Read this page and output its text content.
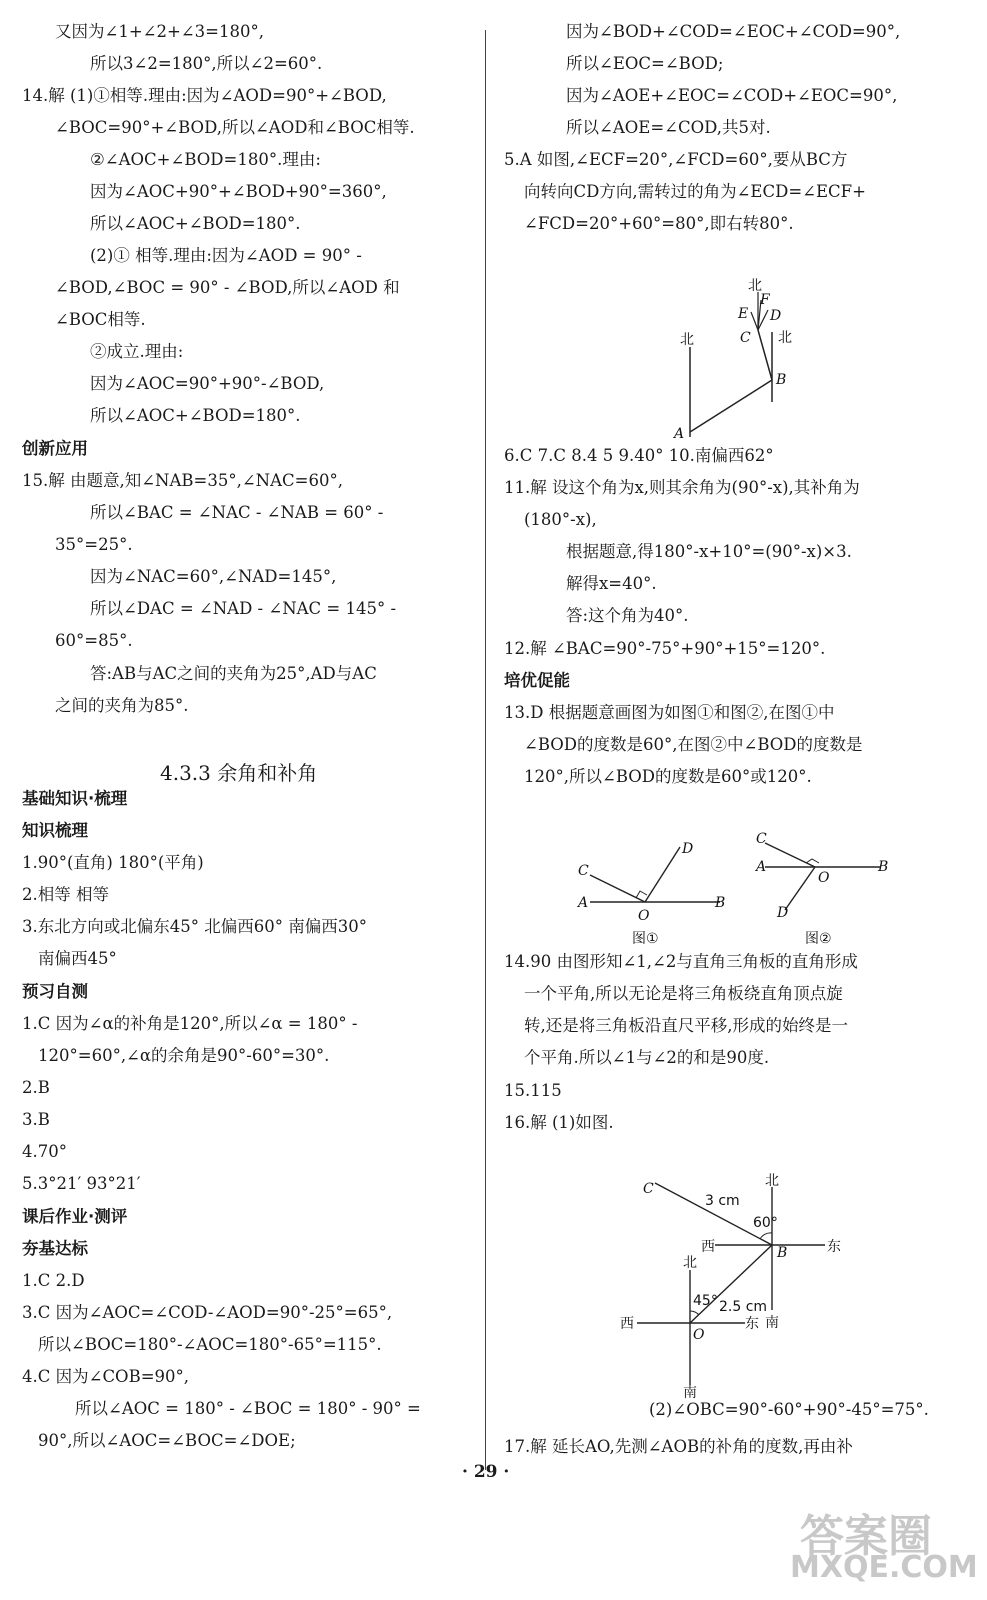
又因为∠1+∠2+∠3=180°,
所以3∠2=180°,所以∠2=60°.
14.解 (1)①相等.理由:因为∠AOD=90°+∠BOD,
∠BOC=90°+∠BOD,所以∠AOD和∠BOC相等.
②∠AOC+∠BOD=180°.理由:
因为∠AOC+90°+∠BOD+90°=360°,
所以∠AOC+∠BOD=180°.
(2)① 相等.理由:因为∠AOD = 90° -
∠BOD,∠BOC = 90° - ∠BOD,所以∠AOD 和
∠BOC相等.
②成立.理由:
因为∠AOC=90°+90°-∠BOD,
所以∠AOC+∠BOD=180°.
创新应用
15.解 由题意,知∠NAB=35°,∠NAC=60°,
所以∠BAC = ∠NAC - ∠NAB = 60° -
35°=25°.
因为∠NAC=60°,∠NAD=145°,
所以∠DAC = ∠NAD - ∠NAC = 145° -
60°=85°.
答:AB与AC之间的夹角为25°,AD与AC
之间的夹角为85°.
基础知识·梳理
知识梳理
1.90°(直角) 180°(平角)
2.相等 相等
3.东北方向或北偏东45° 北偏西60° 南偏西30°
南偏西45°
预习自测
1.C 因为∠α的补角是120°,所以∠α = 180° -
120°=60°,∠α的余角是90°-60°=30°.
2.B
3.B
4.70°
5.3°21′ 93°21′
课后作业·测评
夯基达标
1.C 2.D
3.C 因为∠AOC=∠COD-∠AOD=90°-25°=65°,
所以∠BOC=180°-∠AOC=180°-65°=115°.
4.C 因为∠COB=90°,
所以∠AOC = 180° - ∠BOC = 180° - 90° =
90°,所以∠AOC=∠BOC=∠DOE;
因为∠BOD+∠COD=∠EOC+∠COD=90°,
所以∠EOC=∠BOD;
因为∠AOE+∠EOC=∠COD+∠EOC=90°,
所以∠AOE=∠COD,共5对.
5.A 如图,∠ECF=20°,∠FCD=60°,要从BC方
向转向CD方向,需转过的角为∠ECD=∠ECF+
∠FCD=20°+60°=80°,即右转80°.
6.C 7.C 8.4 5 9.40° 10.南偏西62°
11.解 设这个角为x,则其余角为(90°-x),其补角为
(180°-x),
根据题意,得180°-x+10°=(90°-x)×3.
解得x=40°.
答:这个角为40°.
12.解 ∠BAC=90°-75°+90°+15°=120°.
培优促能
13.D 根据题意画图为如图①和图②,在图①中
∠BOD的度数是60°,在图②中∠BOD的度数是
120°,所以∠BOD的度数是60°或120°.
14.90 由图形知∠1,∠2与直角三角板的直角形成
一个平角,所以无论是将三角板绕直角顶点旋
转,还是将三角板沿直尺平移,形成的始终是一
个平角.所以∠1与∠2的和是90度.
15.115
16.解 (1)如图.
(2)∠OBC=90°-60°+90°-45°=75°.
17.解 延长AO,先测∠AOB的补角的度数,再由补
4.3.3 余角和补角
北
北
北
A
B
C
D
E
F
C
D
A
O
B
图①
C
A
O
B
D
图②
C
3 cm
北
60°
西	B	东
北
45° 2.5 cm
南
西
O
东
南
· 29 ·
答案圈
MXQE.COM
